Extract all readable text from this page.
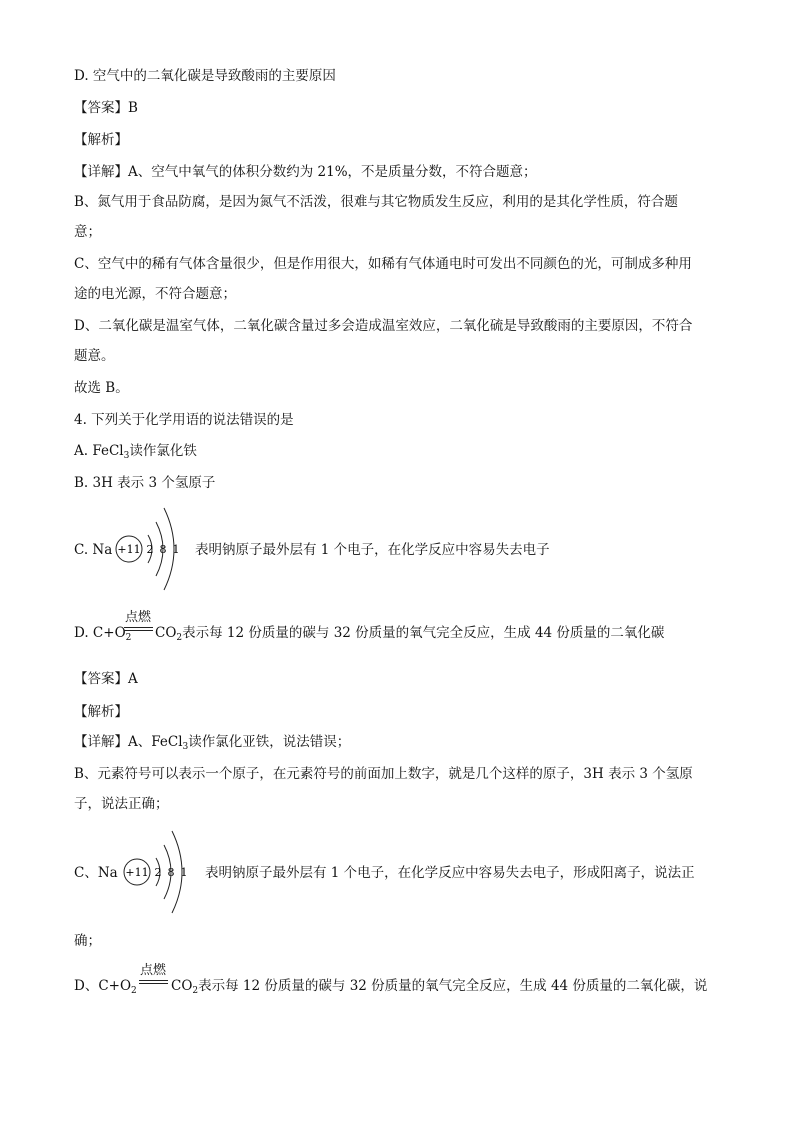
D. 空气中的二氧化碳是导致酸雨的主要原因
【答案】B
【解析】
【详解】A、空气中氧气的体积分数约为 21%，不是质量分数，不符合题意；
B、氮气用于食品防腐，是因为氮气不活泼，很难与其它物质发生反应，利用的是其化学性质，符合题
意；
C、空气中的稀有气体含量很少，但是作用很大，如稀有气体通电时可发出不同颜色的光，可制成多种用
途的电光源，不符合题意；
D、二氧化碳是温室气体，二氧化碳含量过多会造成温室效应，二氧化硫是导致酸雨的主要原因，不符合
题意。
故选 B。
4. 下列关于化学用语的说法错误的是
A. FeCl$_3$读作氯化铁
B. 3H 表示 3 个氢原子
C. Na +11 2 8 1 表明钠原子最外层有 1 个电子，在化学反应中容易失去电子
D. $C+O_2$
点燃
$CO_2$表示每 12 份质量的碳与 32 份质量的氧气完全反应，生成 44 份质量的二氧化碳
【答案】A
【解析】
【详解】A、FeCl$_3$读作氯化亚铁，说法错误；
B、元素符号可以表示一个原子，在元素符号的前面加上数字，就是几个这样的原子，3H 表示 3 个氢原
子，说法正确；
C、Na +11 2 8 1 表明钠原子最外层有 1 个电子，在化学反应中容易失去电子，形成阳离子，说法正
确；
D、$C+O_2$
点燃
$CO_2$表示每 12 份质量的碳与 32 份质量的氧气完全反应，生成 44 份质量的二氧化碳，说
